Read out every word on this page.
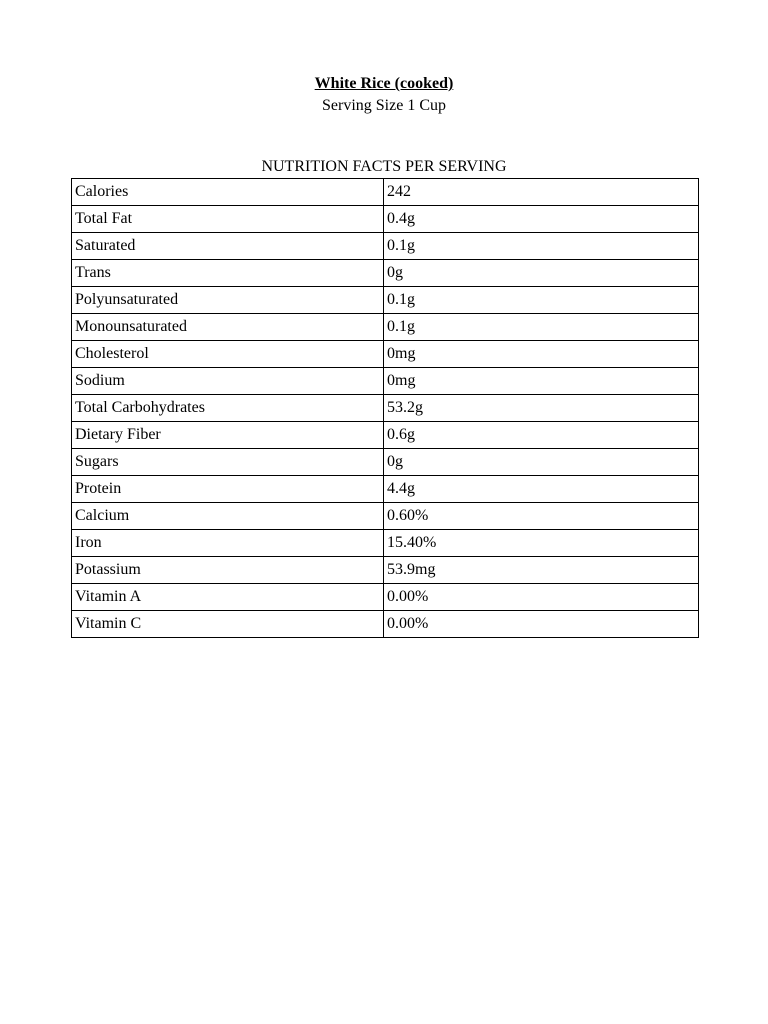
White Rice (cooked)
Serving Size 1 Cup
NUTRITION FACTS PER SERVING
Calories	242
Total Fat	0.4g
Saturated	0.1g
Trans	0g
Polyunsaturated	0.1g
Monounsaturated	0.1g
Cholesterol	0mg
Sodium	0mg
Total Carbohydrates	53.2g
Dietary Fiber	0.6g
Sugars	0g
Protein	4.4g
Calcium	0.60%
Iron	15.40%
Potassium	53.9mg
Vitamin A	0.00%
Vitamin C	0.00%
